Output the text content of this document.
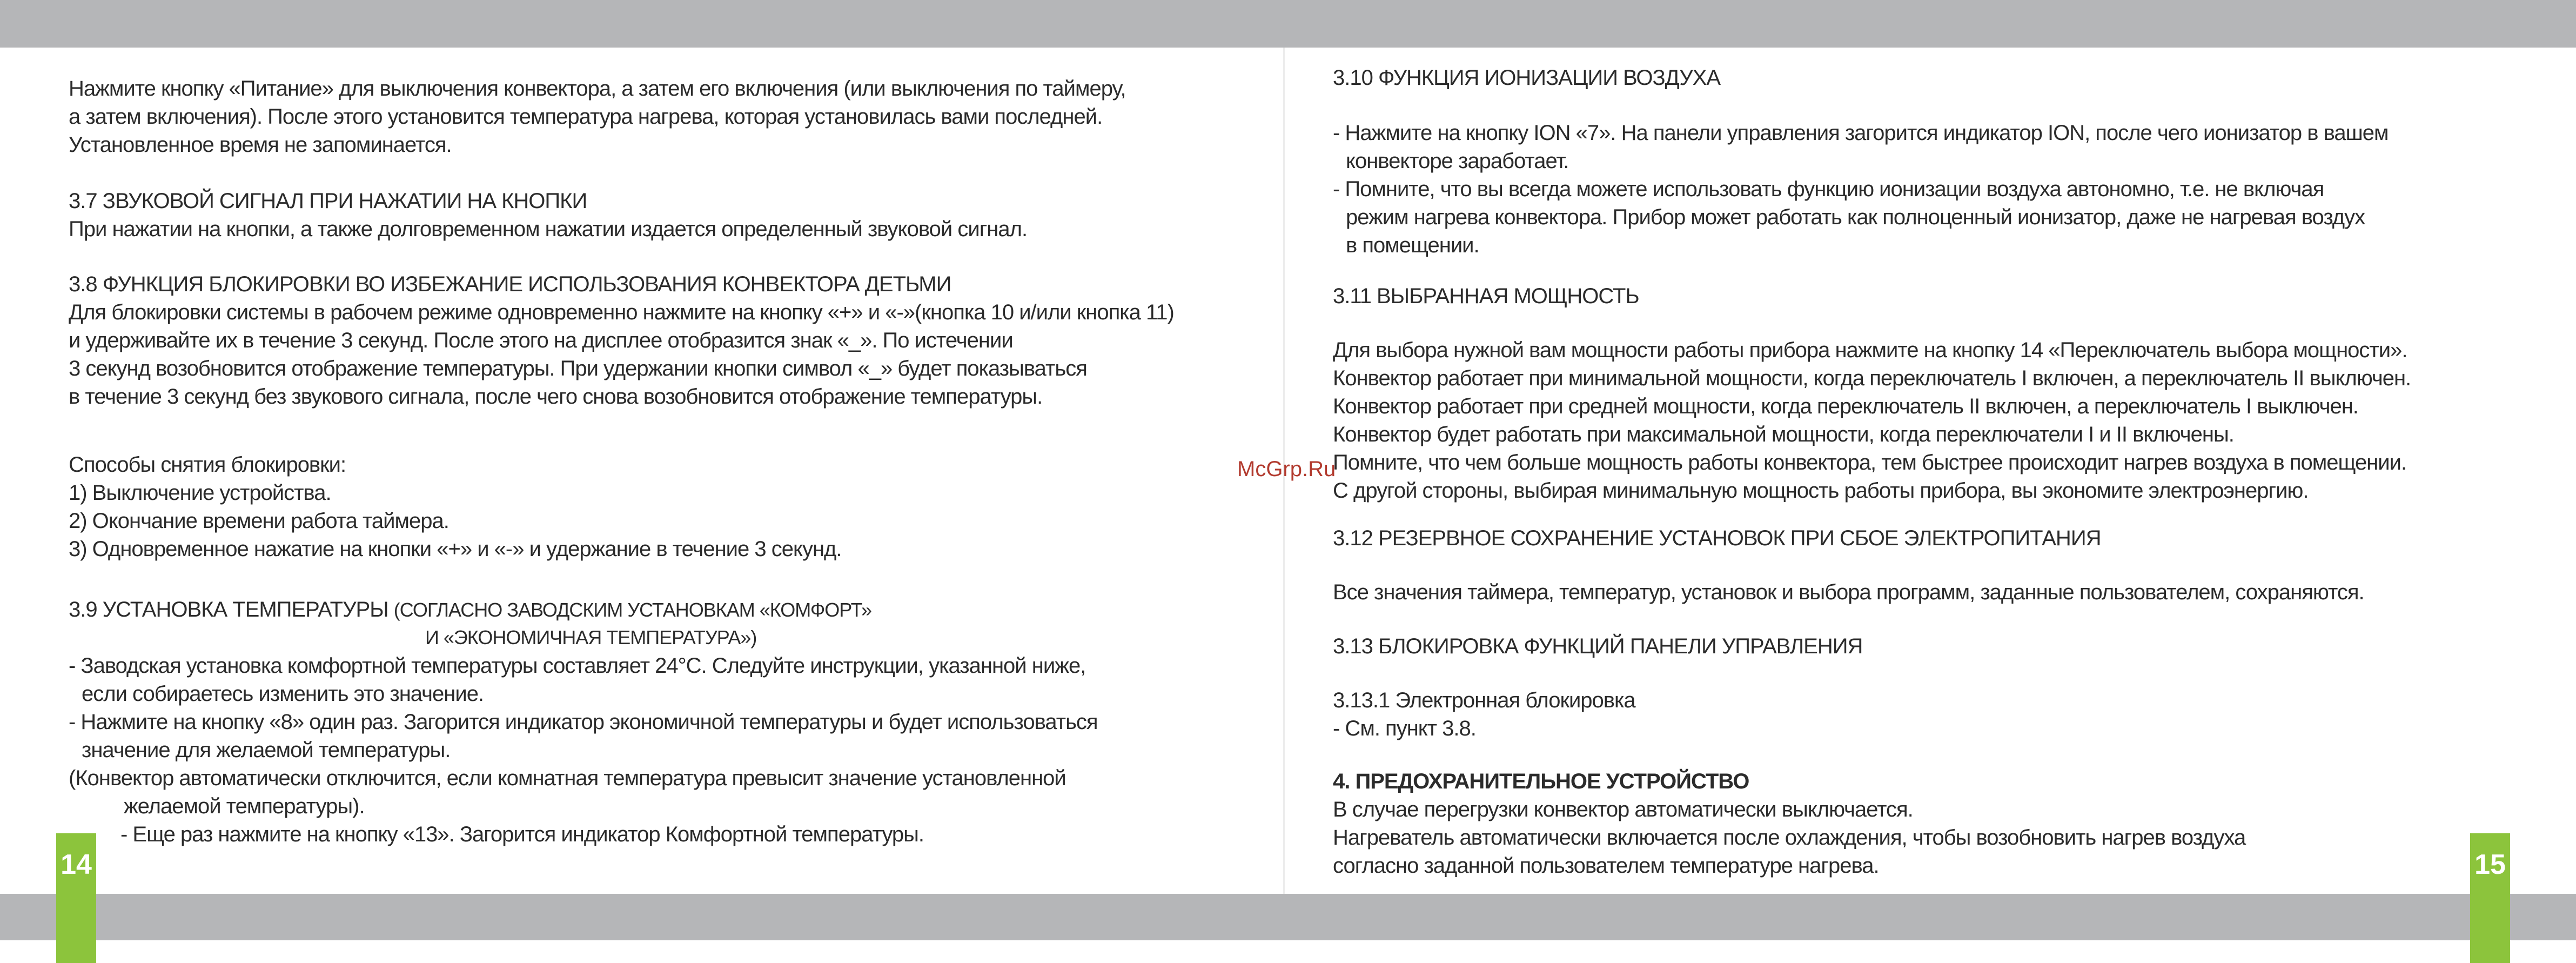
Нажмите кнопку «Питание» для выключения конвектора, а затем его включения (или выключения по таймеру,
а затем включения). После этого установится температура нагрева, которая установилась вами последней.
Установленное время не запоминается.
3.7 ЗВУКОВОЙ СИГНАЛ ПРИ НАЖАТИИ НА КНОПКИ
При нажатии на кнопки, а также долговременном нажатии издается определенный звуковой сигнал.
3.8 ФУНКЦИЯ БЛОКИРОВКИ ВО ИЗБЕЖАНИЕ ИСПОЛЬЗОВАНИЯ КОНВЕКТОРА ДЕТЬМИ
Для блокировки системы в рабочем режиме одновременно нажмите на кнопку «+» и «-»(кнопка 10 и/или кнопка 11)
и удерживайте их в течение 3 секунд. После этого на дисплее отобразится знак «_». По истечении
3 секунд возобновится отображение температуры. При удержании кнопки символ «_» будет показываться
в течение 3 секунд без звукового сигнала, после чего снова возобновится отображение температуры.
Способы снятия блокировки:
1) Выключение устройства.
2) Окончание времени работа таймера.
3) Одновременное нажатие на кнопки «+» и «-» и удержание в течение 3 секунд.
3.9 УСТАНОВКА ТЕМПЕРАТУРЫ (СОГЛАСНО ЗАВОДСКИМ УСТАНОВКАМ «КОМФОРТ»
И «ЭКОНОМИЧНАЯ ТЕМПЕРАТУРА»)
- Заводская установка комфортной температуры составляет 24°C. Следуйте инструкции, указанной ниже,
если собираетесь изменить это значение.
- Нажмите на кнопку «8» один раз. Загорится индикатор экономичной температуры и будет использоваться
значение для желаемой температуры.
(Конвектор автоматически отключится, если комнатная температура превысит значение установленной
желаемой температуры).
- Еще раз нажмите на кнопку «13». Загорится индикатор Комфортной температуры.
3.10 ФУНКЦИЯ ИОНИЗАЦИИ ВОЗДУХА
- Нажмите на кнопку ION «7». На панели управления загорится индикатор ION, после чего ионизатор в вашем
конвекторе заработает.
- Помните, что вы всегда можете использовать функцию ионизации воздуха автономно, т.е. не включая
режим нагрева конвектора. Прибор может работать как полноценный ионизатор, даже не нагревая воздух
в помещении.
3.11 ВЫБРАННАЯ МОЩНОСТЬ
Для выбора нужной вам мощности работы прибора нажмите на кнопку 14 «Переключатель выбора мощности».
Конвектор работает при минимальной мощности, когда переключатель I включен, а переключатель II выключен.
Конвектор работает при средней мощности, когда переключатель II включен, а переключатель I выключен.
Конвектор будет работать при максимальной мощности, когда переключатели I и II включены.
Помните, что чем больше мощность работы конвектора, тем быстрее происходит нагрев воздуха в помещении.
С другой стороны, выбирая минимальную мощность работы прибора, вы экономите электроэнергию.
3.12 РЕЗЕРВНОЕ СОХРАНЕНИЕ УСТАНОВОК ПРИ СБОЕ ЭЛЕКТРОПИТАНИЯ
Все значения таймера, температур, установок и выбора программ, заданные пользователем, сохраняются.
3.13 БЛОКИРОВКА ФУНКЦИЙ ПАНЕЛИ УПРАВЛЕНИЯ
3.13.1 Электронная блокировка
- См. пункт 3.8.
4. ПРЕДОХРАНИТЕЛЬНОЕ УСТРОЙСТВО
В случае перегрузки конвектор автоматически выключается.
Нагреватель автоматически включается после охлаждения, чтобы возобновить нагрев воздуха
согласно заданной пользователем температуре нагрева.
14	15
McGrp.Ru
